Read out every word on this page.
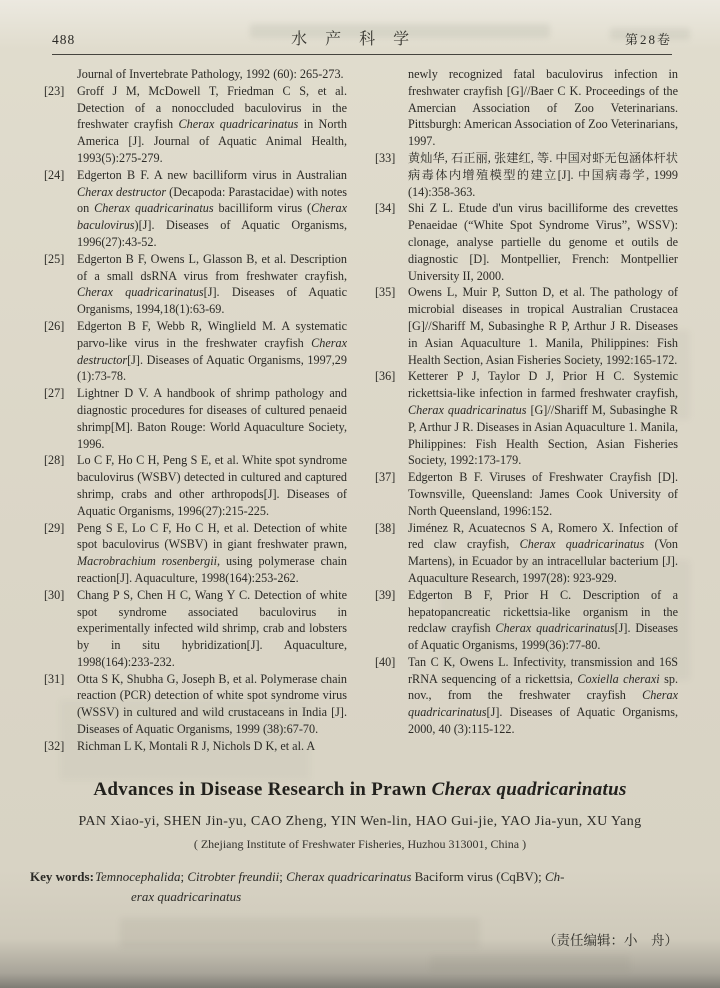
488	水产科学	第28卷
Journal of Invertebrate Pathology, 1992 (60): 265-273.
[23] Groff J M, McDowell T, Friedman C S, et al. Detection of a nonoccluded baculovirus in the freshwater crayfish Cherax quadricarinatus in North America [J]. Journal of Aquatic Animal Health, 1993(5):275-279.
[24] Edgerton B F. A new bacilliform virus in Australian Cherax destructor (Decapoda: Parastacidae) with notes on Cherax quadricarinatus bacilliform virus (Cherax baculovirus)[J]. Diseases of Aquatic Organisms, 1996(27):43-52.
[25] Edgerton B F, Owens L, Glasson B, et al. Description of a small dsRNA virus from freshwater crayfish, Cherax quadricarinatus[J]. Diseases of Aquatic Organisms, 1994,18(1):63-69.
[26] Edgerton B F, Webb R, Winglield M. A systematic parvo-like virus in the freshwater crayfish Cherax destructor[J]. Diseases of Aquatic Organisms, 1997,29 (1):73-78.
[27] Lightner D V. A handbook of shrimp pathology and diagnostic procedures for diseases of cultured penaeid shrimp[M]. Baton Rouge: World Aquaculture Society, 1996.
[28] Lo C F, Ho C H, Peng S E, et al. White spot syndrome baculovirus (WSBV) detected in cultured and captured shrimp, crabs and other arthropods[J]. Diseases of Aquatic Organisms, 1996(27):215-225.
[29] Peng S E, Lo C F, Ho C H, et al. Detection of white spot baculovirus (WSBV) in giant freshwater prawn, Macrobrachium rosenbergii, using polymerase chain reaction[J]. Aquaculture, 1998(164):253-262.
[30] Chang P S, Chen H C, Wang Y C. Detection of white spot syndrome associated baculovirus in experimentally infected wild shrimp, crab and lobsters by in situ hybridization[J]. Aquaculture, 1998(164):233-232.
[31] Otta S K, Shubha G, Joseph B, et al. Polymerase chain reaction (PCR) detection of white spot syndrome virus (WSSV) in cultured and wild crustaceans in India [J]. Diseases of Aquatic Organisms, 1999 (38):67-70.
[32] Richman L K, Montali R J, Nichols D K, et al. A
newly recognized fatal baculovirus infection in freshwater crayfish [G]//Baer C K. Proceedings of the Amercian Association of Zoo Veterinarians. Pittsburgh: American Association of Zoo Veterinarians, 1997.
[33] 黄灿华, 石正丽, 张建红, 等. 中国对虾无包涵体杆状病毒体内增殖模型的建立[J]. 中国病毒学, 1999 (14):358-363.
[34] Shi Z L. Etude d'un virus bacilliforme des crevettes Penaeidae (“White Spot Syndrome Virus”, WSSV): clonage, analyse partielle du genome et outils de diagnostic [D]. Montpellier, French: Montpellier University II, 2000.
[35] Owens L, Muir P, Sutton D, et al. The pathology of microbial diseases in tropical Australian Crustacea [G]//Shariff M, Subasinghe R P, Arthur J R. Diseases in Asian Aquaculture 1. Manila, Philippines: Fish Health Section, Asian Fisheries Society, 1992:165-172.
[36] Ketterer P J, Taylor D J, Prior H C. Systemic rickettsia-like infection in farmed freshwater crayfish, Cherax quadricarinatus [G]//Shariff M, Subasinghe R P, Arthur J R. Diseases in Asian Aquaculture 1. Manila, Philippines: Fish Health Section, Asian Fisheries Society, 1992:173-179.
[37] Edgerton B F. Viruses of Freshwater Crayfish [D]. Townsville, Queensland: James Cook University of North Queensland, 1996:152.
[38] Jiménez R, Acuatecnos S A, Romero X. Infection of red claw crayfish, Cherax quadricarinatus (Von Martens), in Ecuador by an intracellular bacterium [J]. Aquaculture Research, 1997(28): 923-929.
[39] Edgerton B F, Prior H C. Description of a hepatopancreatic rickettsia-like organism in the redclaw crayfish Cherax quadricarinatus[J]. Diseases of Aquatic Organisms, 1999(36):77-80.
[40] Tan C K, Owens L. Infectivity, transmission and 16S rRNA sequencing of a rickettsia, Coxiella cheraxi sp. nov., from the freshwater crayfish Cherax quadricarinatus[J]. Diseases of Aquatic Organisms, 2000, 40 (3):115-122.
Advances in Disease Research in Prawn Cherax quadricarinatus
PAN Xiao-yi, SHEN Jin-yu, CAO Zheng, YIN Wen-lin, HAO Gui-jie, YAO Jia-yun, XU Yang
( Zhejiang Institute of Freshwater Fisheries, Huzhou 313001, China )
Key words: Temnocephalida; Citrobter freundii; Cherax quadricarinatus Baciform virus (CqBV); Ch-
erax quadricarinatus
（责任编辑：小　舟）
